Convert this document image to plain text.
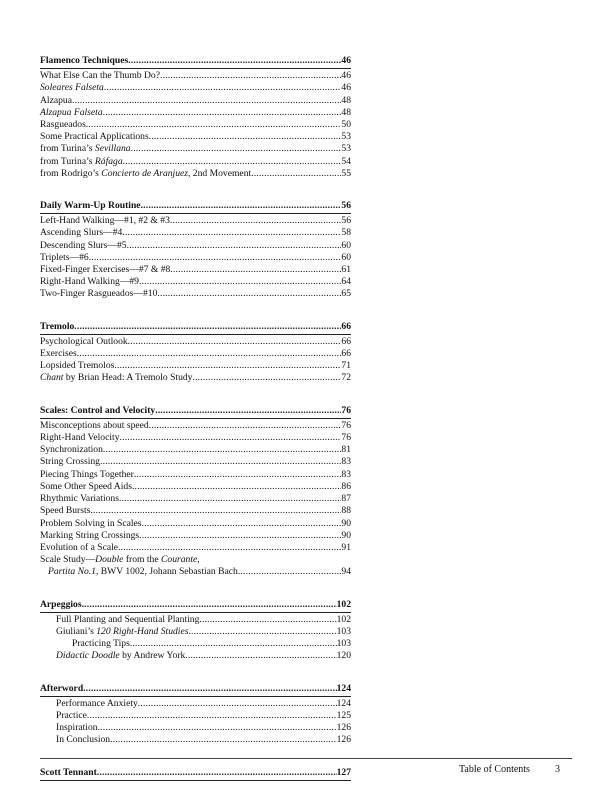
Flamenco Techniques .....	46
What Else Can the Thumb Do? .....	46
Soleares Falseta .....	46
Alzapua .....	48
Alzapua Falseta .....	48
Rasgueados .....	50
Some Practical Applications .....	53
from Turina’s Sevillana .....	53
from Turina’s Ráfaga .....	54
from Rodrigo’s Concierto de Aranjuez, 2nd Movement .....	55
Daily Warm-Up Routine .....	56
Left-Hand Walking—#1, #2 & #3 .....	56
Ascending Slurs—#4 .....	58
Descending Slurs—#5 .....	60
Triplets—#6 .....	60
Fixed-Finger Exercises—#7 & #8 .....	61
Right-Hand Walking—#9 .....	64
Two-Finger Rasgueados—#10 .....	65
Tremolo .....	66
Psychological Outlook .....	66
Exercises .....	66
Lopsided Tremolos .....	71
Chant by Brian Head: A Tremolo Study .....	72
Scales: Control and Velocity .....	76
Misconceptions about speed .....	76
Right-Hand Velocity .....	76
Synchronization .....	81
String Crossing .....	83
Piecing Things Together .....	83
Some Other Speed Aids .....	86
Rhythmic Variations .....	87
Speed Bursts .....	88
Problem Solving in Scales .....	90
Marking String Crossings .....	90
Evolution of a Scale .....	91
Scale Study—Double from the Courante,
Partita No.1, BWV 1002, Johann Sebastian Bach .....	94
Arpeggios .....	102
Full Planting and Sequential Planting .....	102
Giuliani’s 120 Right-Hand Studies .....	103
Practicing Tips .....	103
Didactic Doodle by Andrew York .....	120
Afterword .....	124
Performance Anxiety .....	124
Practice .....	125
Inspiration .....	126
In Conclusion .....	126
Scott Tennant .....	127	Table of Contents	3
